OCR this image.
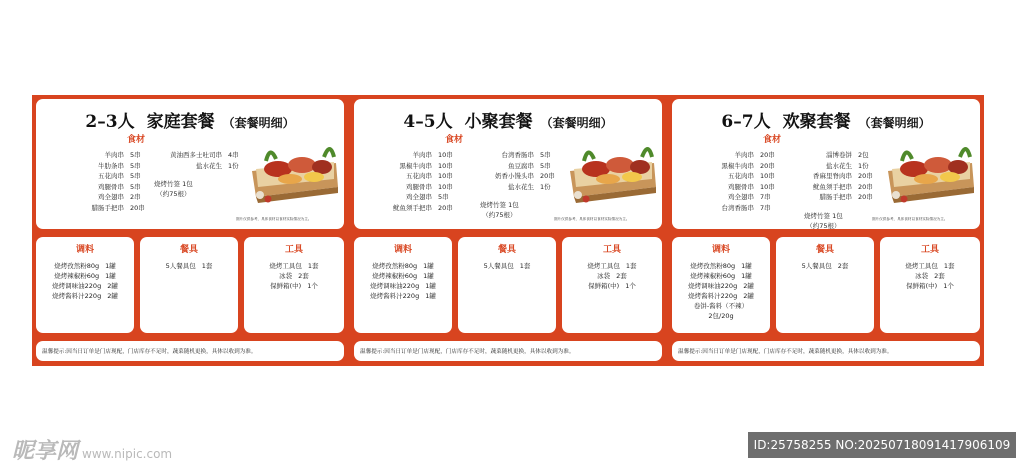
2–3人 家庭套餐 （套餐明细）
食材
羊肉串 5串
牛肋条串 5串
五花肉串 5串
鸡腿骨串 5串
鸡全翅串 2串
腊肠手把串 20串
黄油西多士吐司串 4串
盐水花生 1份
烧烤竹签 1包
（约75根）
图片仅供参考，具体食材以食材实际情况为主。
调料
烧烤孜然粉80g 1罐
烧烤辣椒粉60g 1罐
烧烤调味油220g 2罐
烧烤酱料汁220g 2罐
餐具
5人餐具包 1套
工具
烧烤工具包 1套
冰袋 2套
保鲜箱(中) 1个
温馨提示:因当日订单是门店现配，门店库存不足时，蔬菜随机更换，具体以收到为准。
4–5人 小聚套餐 （套餐明细）
食材
羊肉串 10串
黑椒牛肉串 10串
五花肉串 10串
鸡腿骨串 10串
鸡全翅串 5串
鱿鱼须手把串 20串
台湾香肠串 5串
鱼豆腐串 5串
奶香小馒头串 20串
盐水花生 1份
烧烤竹签 1包
（约75根）	图片仅供参考，具体食材以食材实际情况为主。
调料
烧烤孜然粉80g 1罐
烧烤辣椒粉60g 1罐
烧烤调味油220g 1罐
烧烤酱料汁220g 1罐
餐具
5人餐具包 1套
工具
烧烤工具包 1套
冰袋 2套
保鲜箱(中) 1个
温馨提示:因当日订单是门店现配，门店库存不足时，蔬菜随机更换，具体以收到为准。
6–7人 欢聚套餐 （套餐明细）
食材
羊肉串 20串
黑椒牛肉串 20串
五花肉串 10串
鸡腿骨串 10串
鸡全翅串 7串
台湾香肠串 7串
淄博卷饼 2包
盐水花生 1份
香麻里脊肉串 20串
鱿鱼须手把串 20串
腊肠手把串 20串
烧烤竹签 1包
（约75根）
图片仅供参考，具体食材以食材实际情况为主。
调料
烧烤孜然粉80g 1罐
烧烤辣椒粉60g 1罐
烧烤调味油220g 2罐
烧烤酱料汁220g 2罐
卷饼-酱料（不辣）
2包/20g
餐具
5人餐具包 2套
工具
烧烤工具包 1套
冰袋 2套
保鲜箱(中) 1个
温馨提示:因当日订单是门店现配，门店库存不足时，蔬菜随机更换，具体以收到为准。
昵享网 www.nipic.com
ID:25758255 NO:20250718091417906109
